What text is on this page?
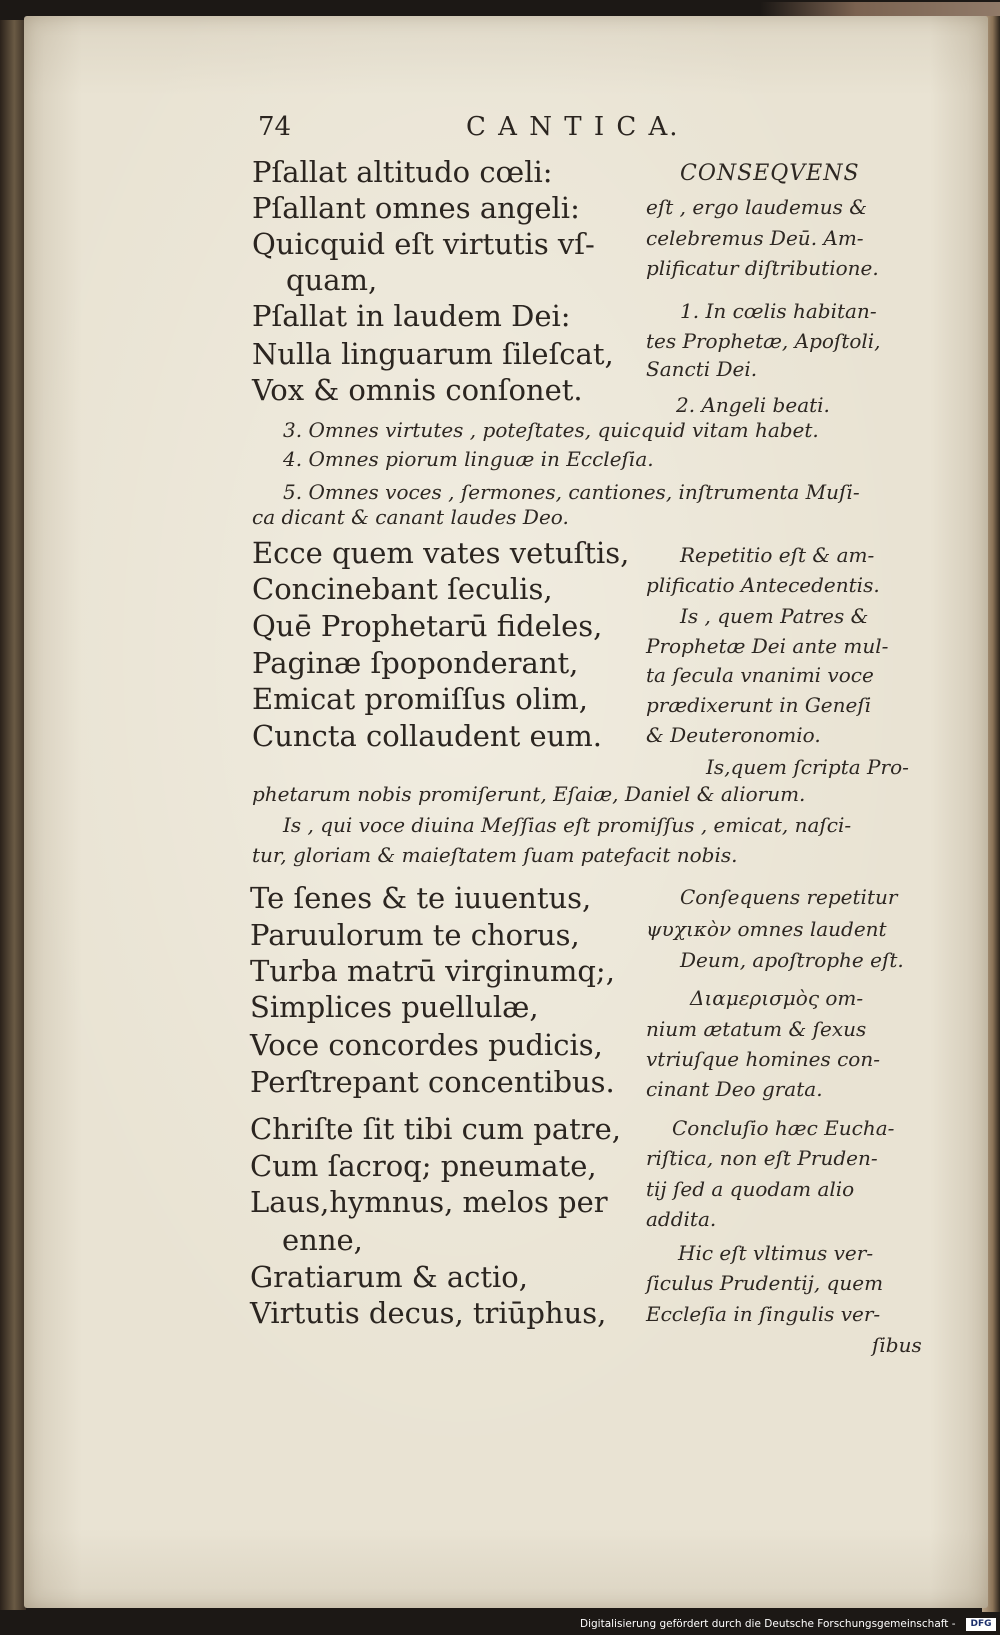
74	C A N T I C A.
Pſallat altitudo cœli:
Pſallant omnes angeli:
Quicquid eſt virtutis vſ-
quam,
Pſallat in laudem Dei:
Nulla linguarum ſileſcat,
Vox & omnis conſonet.
CONSEQVENS
eſt , ergo laudemus &
celebremus Deū. Am-
plificatur diſtributione.
1. In cœlis habitan-
tes Prophetæ, Apoſtoli,
Sancti Dei.
2. Angeli beati.
3. Omnes virtutes , poteſtates, quicquid vitam habet.
4. Omnes piorum linguæ in Eccleſia.
5. Omnes voces , ſermones, cantiones, inſtrumenta Muſi-
ca dicant & canant laudes Deo.
Ecce quem vates vetuſtis,
Concinebant ſeculis,
Quē Prophetarū fideles,
Paginæ ſpoponderant,
Emicat promiſſus olim,
Cuncta collaudent eum.
Repetitio eſt & am-
plificatio Antecedentis.
Is , quem Patres &
Prophetæ Dei ante mul-
ta ſecula vnanimi voce
prædixerunt in Geneſi
& Deuteronomio.
Is,quem ſcripta Pro-
phetarum nobis promiſerunt, Eſaiæ, Daniel & aliorum.
Is , qui voce diuina Meſſias eſt promiſſus , emicat, naſci-
tur, gloriam & maieſtatem ſuam patefacit nobis.
Te ſenes & te iuuentus,
Paruulorum te chorus,
Turba matrū virginumq;,
Simplices puellulæ,
Voce concordes pudicis,
Perſtrepant concentibus.
Conſequens repetitur
ψυχικὸν omnes laudent
Deum, apoſtrophe eſt.
Διαμερισμὸς om-
nium ætatum & ſexus
vtriuſque homines con-
cinant Deo grata.
Chriſte ſit tibi cum patre,
Cum ſacroq; pneumate,
Laus,hymnus, melos per
enne,
Gratiarum & actio,
Virtutis decus, triūphus,
Concluſio hæc Eucha-
riſtica, non eſt Pruden-
tij ſed a quodam alio
addita.
Hic eſt vltimus ver-
ſiculus Prudentij, quem
Eccleſia in ſingulis ver-
ſibus
Digitalisierung gefördert durch die Deutsche Forschungsgemeinschaft -	DFG
